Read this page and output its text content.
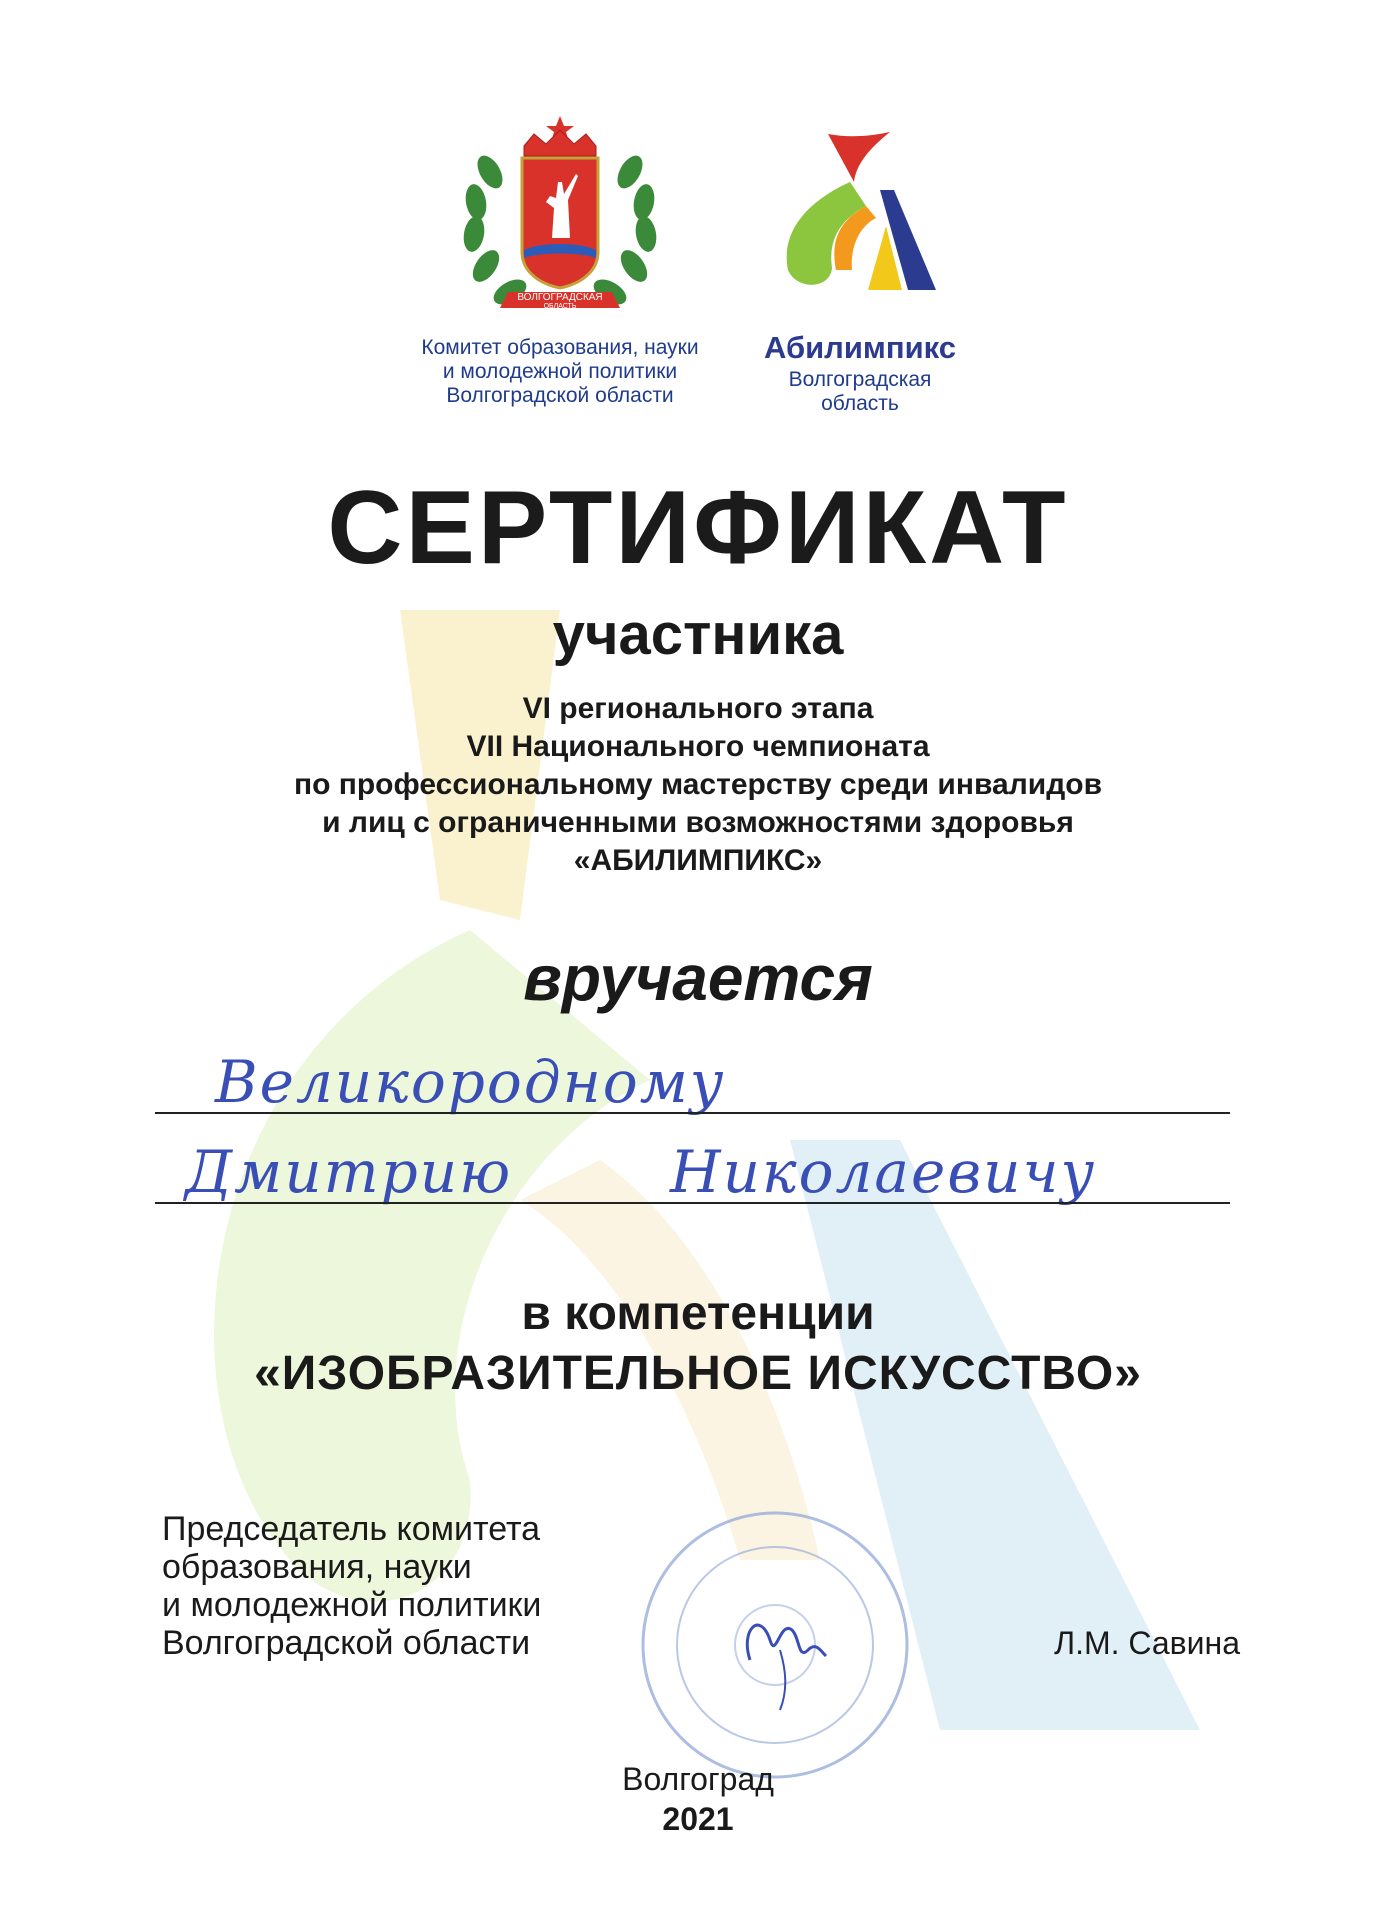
ВОЛГОГРАДСКАЯ
ОБЛАСТЬ
Комитет образования, науки
и молодежной политики
Волгоградской области
Абилимпикс
Волгоградская
область
СЕРТИФИКАТ
участника
VI регионального этапа
VII Национального чемпионата
по профессиональному мастерству среди инвалидов
и лиц с ограниченными возможностями здоровья
«АБИЛИМПИКС»
вручается
Великородному
Дмитрию	Николаевичу
в компетенции
«ИЗОБРАЗИТЕЛЬНОЕ ИСКУССТВО»
Председатель комитета
образования, науки
и молодежной политики
Волгоградской области	Л.М. Савина
Волгоград
2021
